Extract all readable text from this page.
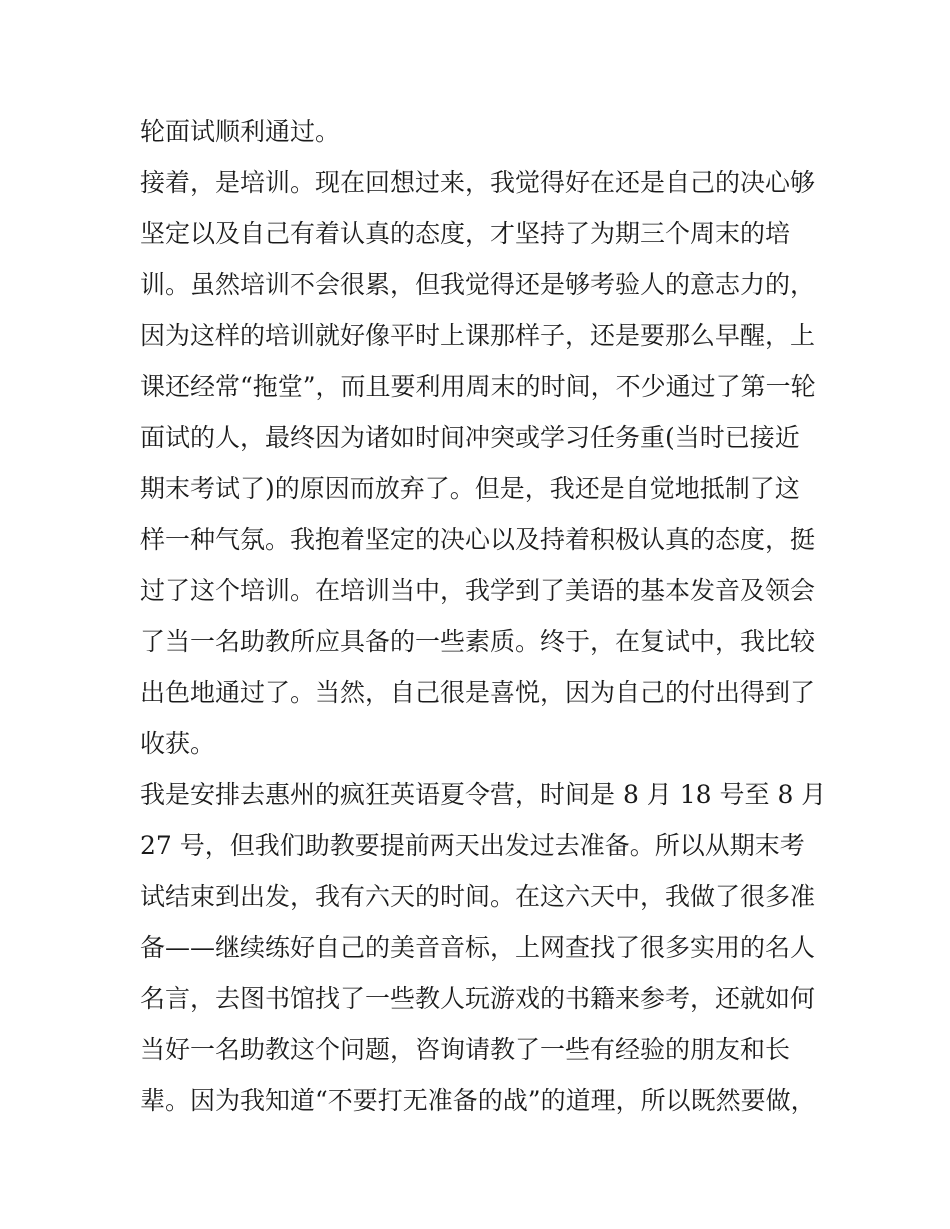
轮面试顺利通过。
接着，是培训。现在回想过来，我觉得好在还是自己的决心够
坚定以及自己有着认真的态度，才坚持了为期三个周末的培
训。虽然培训不会很累，但我觉得还是够考验人的意志力的，
因为这样的培训就好像平时上课那样子，还是要那么早醒，上
课还经常“拖堂”，而且要利用周末的时间，不少通过了第一轮
面试的人，最终因为诸如时间冲突或学习任务重(当时已接近
期末考试了)的原因而放弃了。但是，我还是自觉地抵制了这
样一种气氛。我抱着坚定的决心以及持着积极认真的态度，挺
过了这个培训。在培训当中，我学到了美语的基本发音及领会
了当一名助教所应具备的一些素质。终于，在复试中，我比较
出色地通过了。当然，自己很是喜悦，因为自己的付出得到了
收获。
我是安排去惠州的疯狂英语夏令营，时间是 8 月 18 号至 8 月
27 号，但我们助教要提前两天出发过去准备。所以从期末考
试结束到出发，我有六天的时间。在这六天中，我做了很多准
备——继续练好自己的美音音标，上网查找了很多实用的名人
名言，去图书馆找了一些教人玩游戏的书籍来参考，还就如何
当好一名助教这个问题，咨询请教了一些有经验的朋友和长
辈。因为我知道“不要打无准备的战”的道理，所以既然要做，
